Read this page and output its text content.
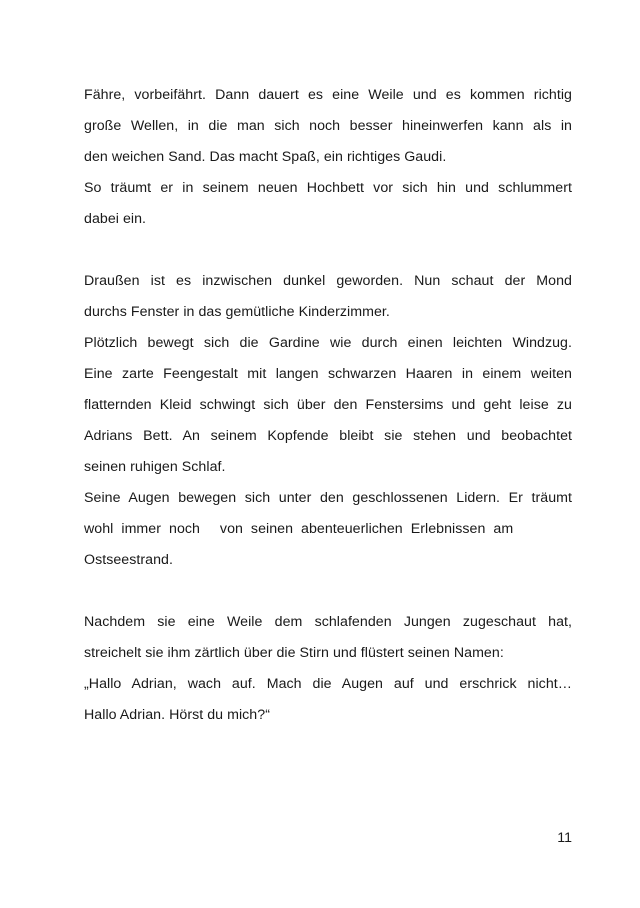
Fähre, vorbeifährt. Dann dauert es eine Weile und es kommen richtig
große Wellen, in die man sich noch besser hineinwerfen kann als in
den weichen Sand. Das macht Spaß, ein richtiges Gaudi.
So träumt er in seinem neuen Hochbett vor sich hin und schlummert
dabei ein.

Draußen ist es inzwischen dunkel geworden. Nun schaut der Mond
durchs Fenster in das gemütliche Kinderzimmer.
Plötzlich bewegt sich die Gardine wie durch einen leichten Windzug.
Eine zarte Feengestalt mit langen schwarzen Haaren in einem weiten
flatternden Kleid schwingt sich über den Fenstersims und geht leise zu
Adrians Bett. An seinem Kopfende bleibt sie stehen und beobachtet
seinen ruhigen Schlaf.
Seine Augen bewegen sich unter den geschlossenen Lidern. Er träumt
wohl  immer  noch     von  seinen  abenteuerlichen  Erlebnissen  am
Ostseestrand.

Nachdem sie eine Weile dem schlafenden Jungen zugeschaut hat,
streichelt sie ihm zärtlich über die Stirn und flüstert seinen Namen:
„Hallo Adrian, wach auf. Mach die Augen auf und erschrick nicht…
Hallo Adrian. Hörst du mich?“

11
